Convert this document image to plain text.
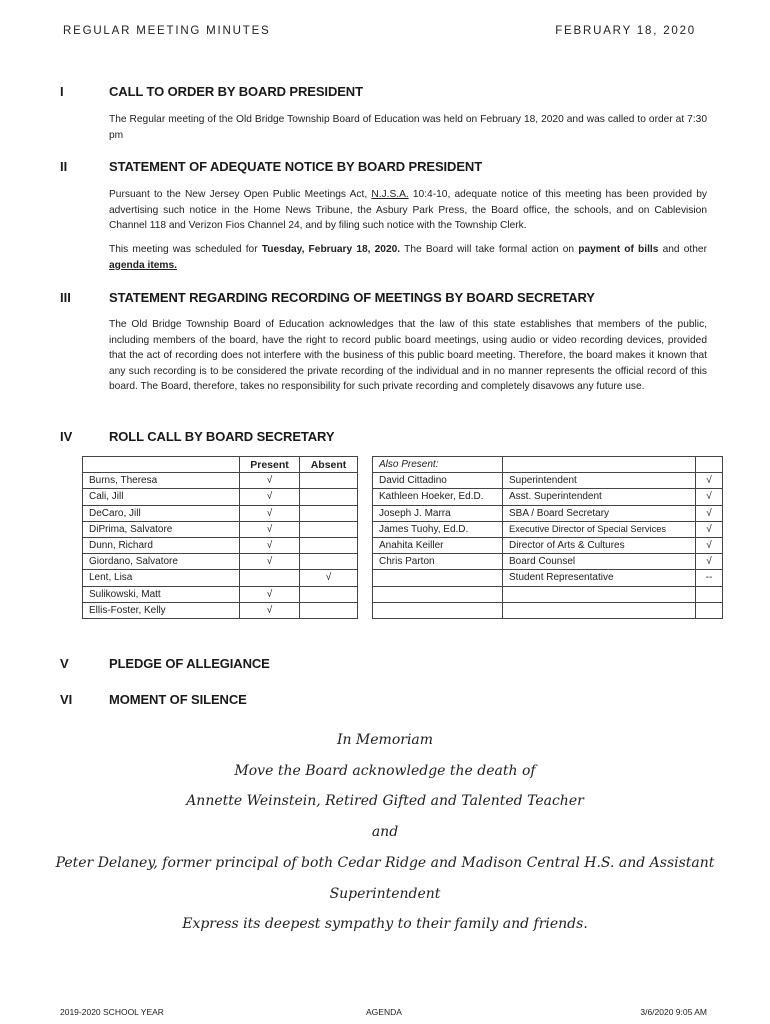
REGULAR MEETING MINUTES	FEBRUARY 18, 2020
I	CALL TO ORDER BY BOARD PRESIDENT
The Regular meeting of the Old Bridge Township Board of Education was held on February 18, 2020 and was called to order at 7:30 pm
II	STATEMENT OF ADEQUATE NOTICE BY BOARD PRESIDENT
Pursuant to the New Jersey Open Public Meetings Act, N.J.S.A. 10:4-10, adequate notice of this meeting has been provided by advertising such notice in the Home News Tribune, the Asbury Park Press, the Board office, the schools, and on Cablevision Channel 118 and Verizon Fios Channel 24, and by filing such notice with the Township Clerk.
This meeting was scheduled for Tuesday, February 18, 2020. The Board will take formal action on payment of bills and other agenda items.
III	STATEMENT REGARDING RECORDING OF MEETINGS BY BOARD SECRETARY
The Old Bridge Township Board of Education acknowledges that the law of this state establishes that members of the public, including members of the board, have the right to record public board meetings, using audio or video recording devices, provided that the act of recording does not interfere with the business of this public board meeting. Therefore, the board makes it known that any such recording is to be considered the private recording of the individual and in no manner represents the official record of this board. The Board, therefore, takes no responsibility for such private recording and completely disavows any future use.
IV	ROLL CALL BY BOARD SECRETARY
	Present	Absent		Also Present:		
Burns, Theresa	√			David Cittadino	Superintendent	√
Cali, Jill	√			Kathleen Hoeker, Ed.D.	Asst. Superintendent	√
DeCaro, Jill	√			Joseph J. Marra	SBA / Board Secretary	√
DiPrima, Salvatore	√			James Tuohy, Ed.D.	Executive Director of Special Services	√
Dunn, Richard	√			Anahita Keiller	Director of Arts & Cultures	√
Giordano, Salvatore	√			Chris Parton	Board Counsel	√
Lent, Lisa		√			Student Representative	--
Sulikowski, Matt	√					
Ellis-Foster, Kelly	√					
V	PLEDGE OF ALLEGIANCE
VI	MOMENT OF SILENCE
In Memoriam
Move the Board acknowledge the death of
Annette Weinstein, Retired Gifted and Talented Teacher
and
Peter Delaney, former principal of both Cedar Ridge and Madison Central H.S. and Assistant
Superintendent
Express its deepest sympathy to their family and friends.
2019-2020 SCHOOL YEAR	AGENDA	3/6/2020 9:05 AM
